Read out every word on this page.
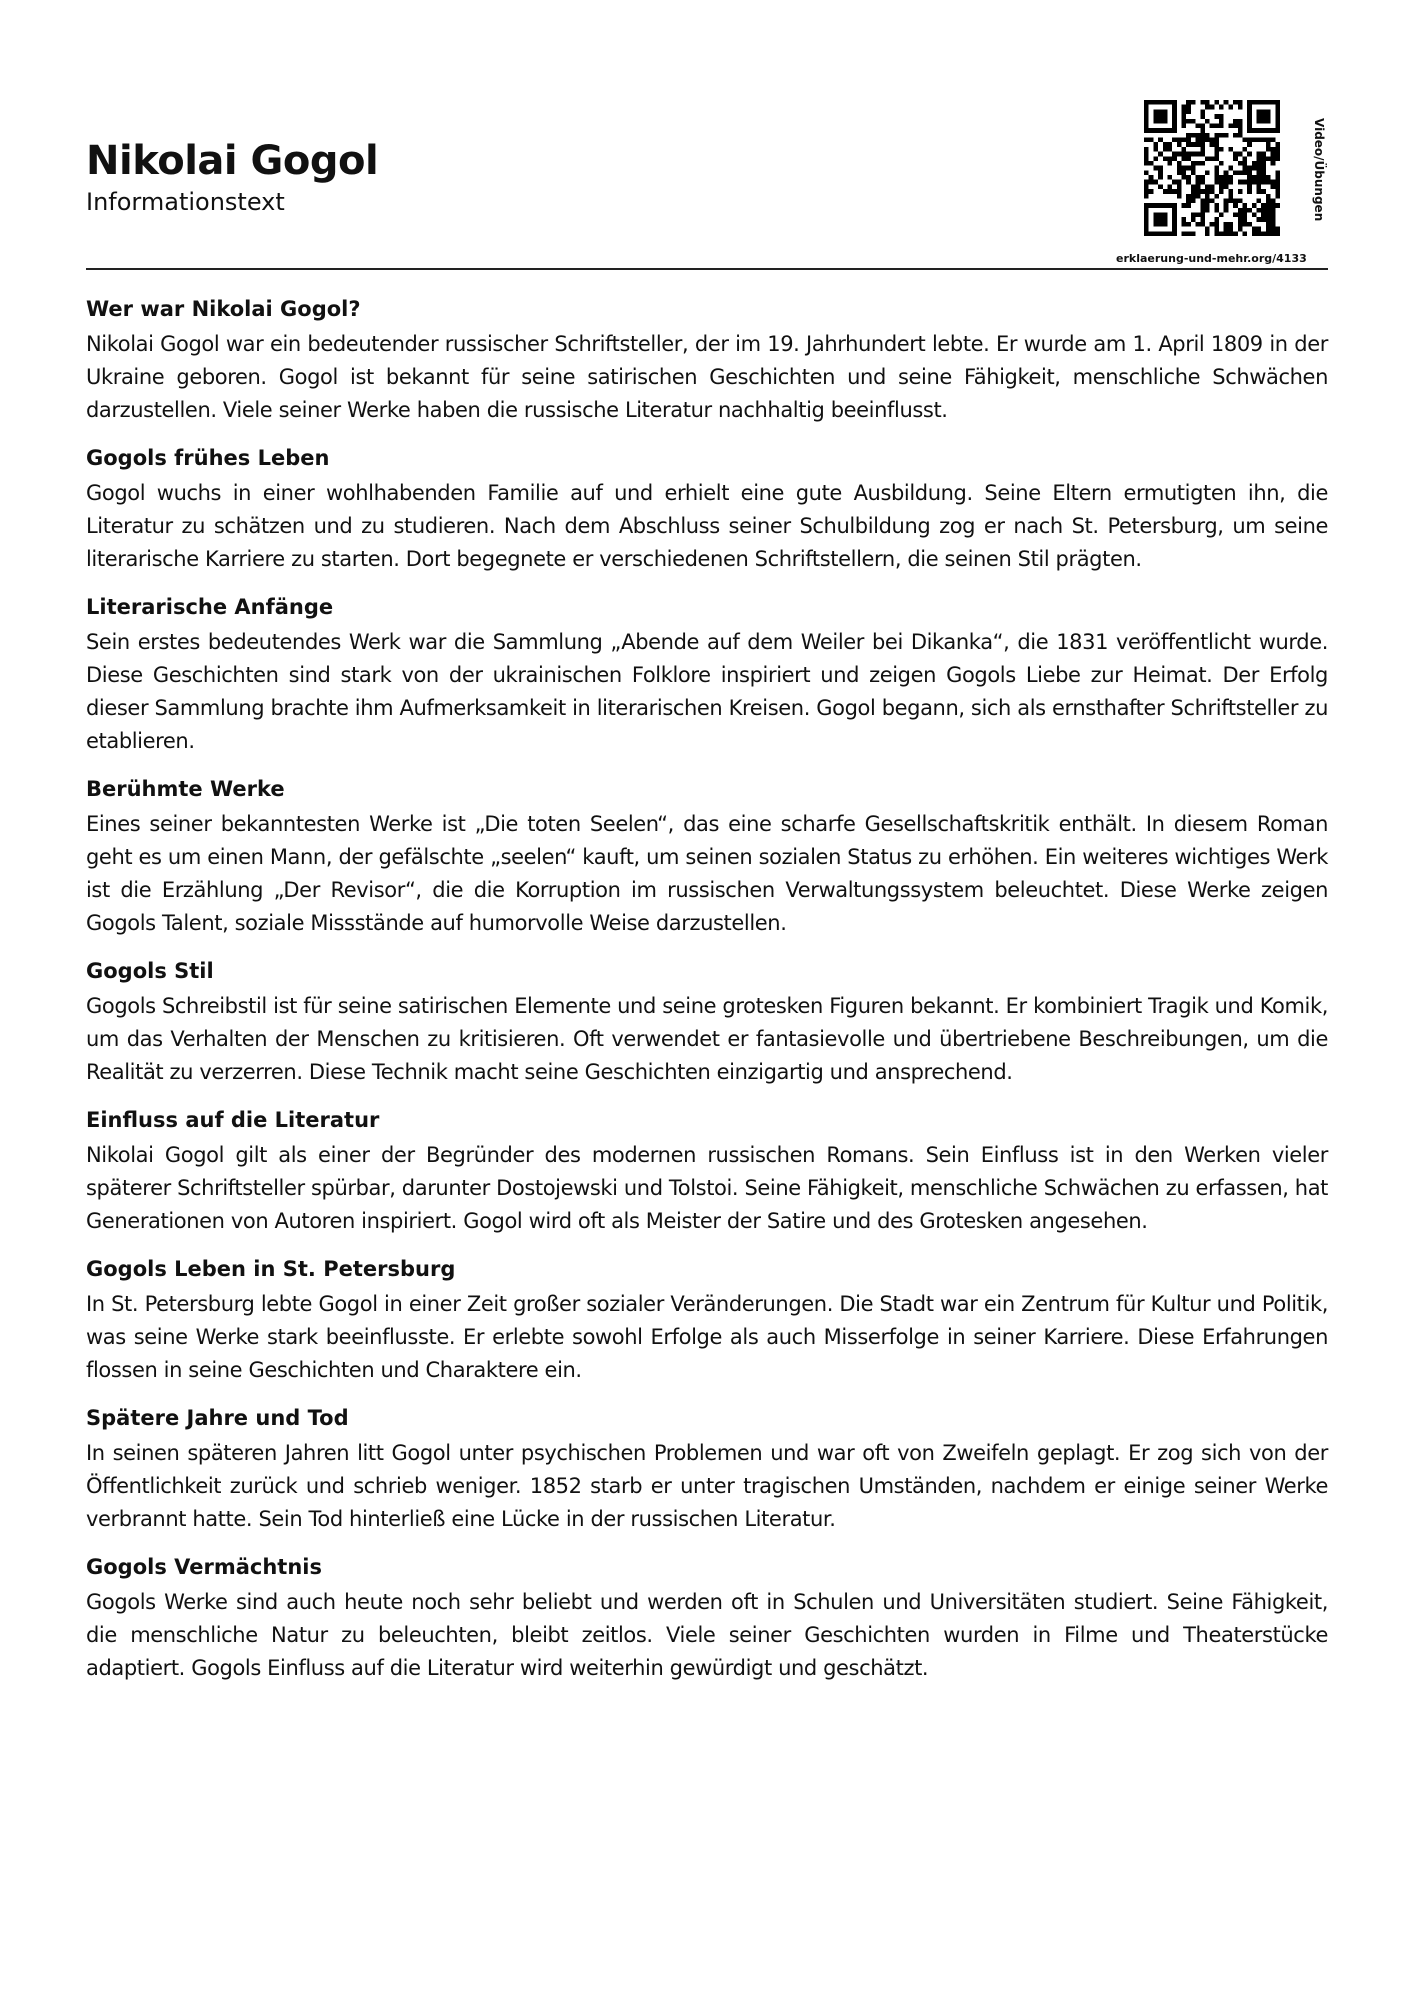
Nikolai Gogol
Informationstext
erklaerung-und-mehr.org/4133
Video/Übungen
Wer war Nikolai Gogol?

Nikolai Gogol war ein bedeutender russischer Schriftsteller, der im 19. Jahrhundert lebte. Er wurde am 1. April 1809 in der Ukraine geboren. Gogol ist bekannt für seine satirischen Geschichten und seine Fähigkeit, menschliche Schwächen darzustellen. Viele seiner Werke haben die russische Literatur nachhaltig beeinflusst.

Gogols frühes Leben

Gogol wuchs in einer wohlhabenden Familie auf und erhielt eine gute Ausbildung. Seine Eltern ermutigten ihn, die Literatur zu schätzen und zu studieren. Nach dem Abschluss seiner Schulbildung zog er nach St. Petersburg, um seine literarische Karriere zu starten. Dort begegnete er verschiedenen Schriftstellern, die seinen Stil prägten.

Literarische Anfänge

Sein erstes bedeutendes Werk war die Sammlung „Abende auf dem Weiler bei Dikanka“, die 1831 veröffentlicht wurde. Diese Geschichten sind stark von der ukrainischen Folklore inspiriert und zeigen Gogols Liebe zur Heimat. Der Erfolg dieser Sammlung brachte ihm Aufmerksamkeit in literarischen Kreisen. Gogol begann, sich als ernsthafter Schriftsteller zu etablieren.

Berühmte Werke

Eines seiner bekanntesten Werke ist „Die toten Seelen“, das eine scharfe Gesellschaftskritik enthält. In diesem Roman geht es um einen Mann, der gefälschte „seelen“ kauft, um seinen sozialen Status zu erhöhen. Ein weiteres wichtiges Werk ist die Erzählung „Der Revisor“, die die Korruption im russischen Verwaltungssystem beleuchtet. Diese Werke zeigen Gogols Talent, soziale Missstände auf humorvolle Weise darzustellen.

Gogols Stil

Gogols Schreibstil ist für seine satirischen Elemente und seine grotesken Figuren bekannt. Er kombiniert Tragik und Komik, um das Verhalten der Menschen zu kritisieren. Oft verwendet er fantasievolle und übertriebene Beschreibungen, um die Realität zu verzerren. Diese Technik macht seine Geschichten einzigartig und ansprechend.

Einfluss auf die Literatur

Nikolai Gogol gilt als einer der Begründer des modernen russischen Romans. Sein Einfluss ist in den Werken vieler späterer Schriftsteller spürbar, darunter Dostojewski und Tolstoi. Seine Fähigkeit, menschliche Schwächen zu erfassen, hat Generationen von Autoren inspiriert. Gogol wird oft als Meister der Satire und des Grotesken angesehen.

Gogols Leben in St. Petersburg

In St. Petersburg lebte Gogol in einer Zeit großer sozialer Veränderungen. Die Stadt war ein Zentrum für Kultur und Politik, was seine Werke stark beeinflusste. Er erlebte sowohl Erfolge als auch Misserfolge in seiner Karriere. Diese Erfahrungen flossen in seine Geschichten und Charaktere ein.

Spätere Jahre und Tod

In seinen späteren Jahren litt Gogol unter psychischen Problemen und war oft von Zweifeln geplagt. Er zog sich von der Öffentlichkeit zurück und schrieb weniger. 1852 starb er unter tragischen Umständen, nachdem er einige seiner Werke verbrannt hatte. Sein Tod hinterließ eine Lücke in der russischen Literatur.

Gogols Vermächtnis

Gogols Werke sind auch heute noch sehr beliebt und werden oft in Schulen und Universitäten studiert. Seine Fähigkeit, die menschliche Natur zu beleuchten, bleibt zeitlos. Viele seiner Geschichten wurden in Filme und Theaterstücke adaptiert. Gogols Einfluss auf die Literatur wird weiterhin gewürdigt und geschätzt.
